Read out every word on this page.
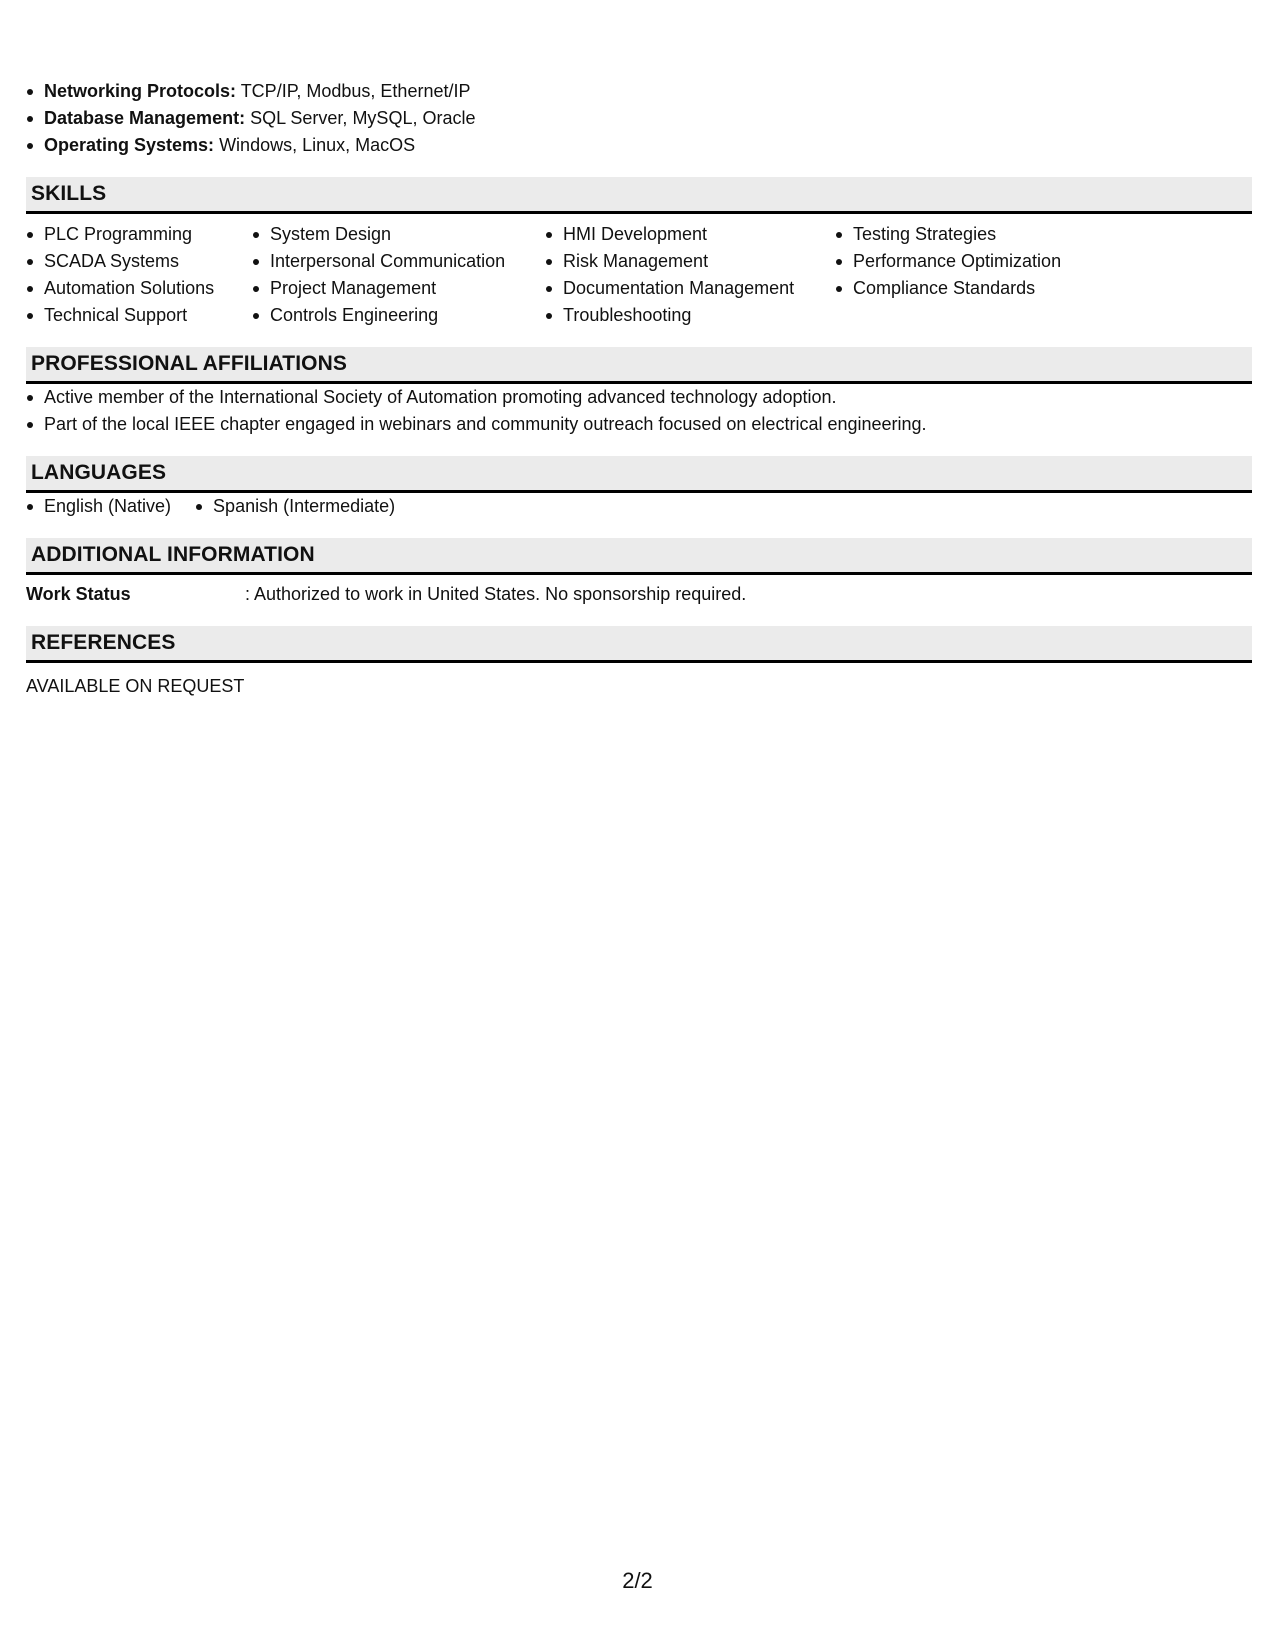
Networking Protocols: TCP/IP, Modbus, Ethernet/IP
Database Management: SQL Server, MySQL, Oracle
Operating Systems: Windows, Linux, MacOS
SKILLS
PLC Programming
SCADA Systems
Automation Solutions
Technical Support
System Design
Interpersonal Communication
Project Management
Controls Engineering
HMI Development
Risk Management
Documentation Management
Troubleshooting
Testing Strategies
Performance Optimization
Compliance Standards
PROFESSIONAL AFFILIATIONS
Active member of the International Society of Automation promoting advanced technology adoption.
Part of the local IEEE chapter engaged in webinars and community outreach focused on electrical engineering.
LANGUAGES
English (Native)	Spanish (Intermediate)
ADDITIONAL INFORMATION
Work Status	: Authorized to work in United States. No sponsorship required.
REFERENCES
AVAILABLE ON REQUEST
2/2
